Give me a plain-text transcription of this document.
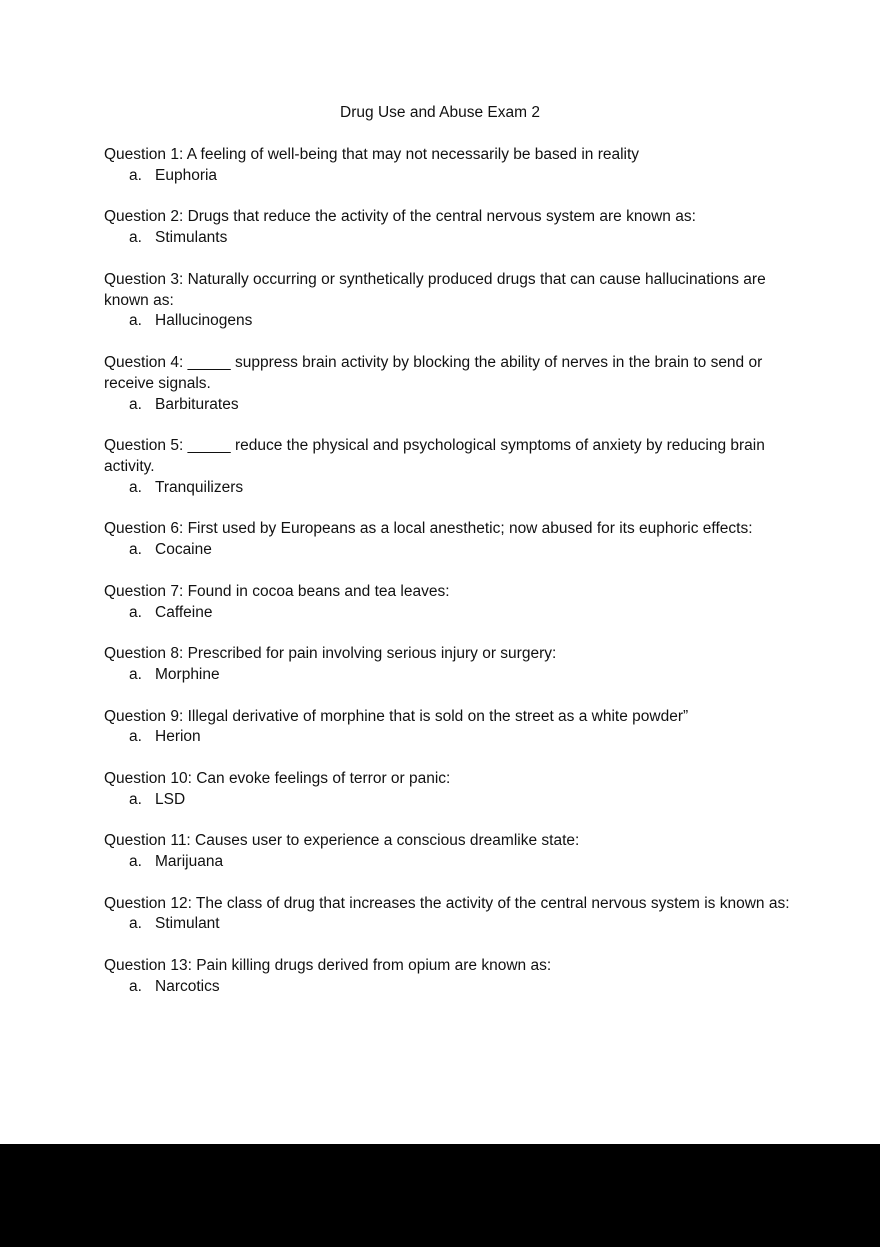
Drug Use and Abuse Exam 2
Question 1: A feeling of well-being that may not necessarily be based in reality
a. Euphoria
Question 2: Drugs that reduce the activity of the central nervous system are known as:
a. Stimulants
Question 3: Naturally occurring or synthetically produced drugs that can cause hallucinations are known as:
a. Hallucinogens
Question 4: _____ suppress brain activity by blocking the ability of nerves in the brain to send or receive signals.
a. Barbiturates
Question 5: _____ reduce the physical and psychological symptoms of anxiety by reducing brain activity.
a. Tranquilizers
Question 6: First used by Europeans as a local anesthetic; now abused for its euphoric effects:
a. Cocaine
Question 7: Found in cocoa beans and tea leaves:
a. Caffeine
Question 8: Prescribed for pain involving serious injury or surgery:
a. Morphine
Question 9: Illegal derivative of morphine that is sold on the street as a white powder”
a. Herion
Question 10: Can evoke feelings of terror or panic:
a. LSD
Question 11: Causes user to experience a conscious dreamlike state:
a. Marijuana
Question 12: The class of drug that increases the activity of the central nervous system is known as:
a. Stimulant
Question 13: Pain killing drugs derived from opium are known as:
a. Narcotics
